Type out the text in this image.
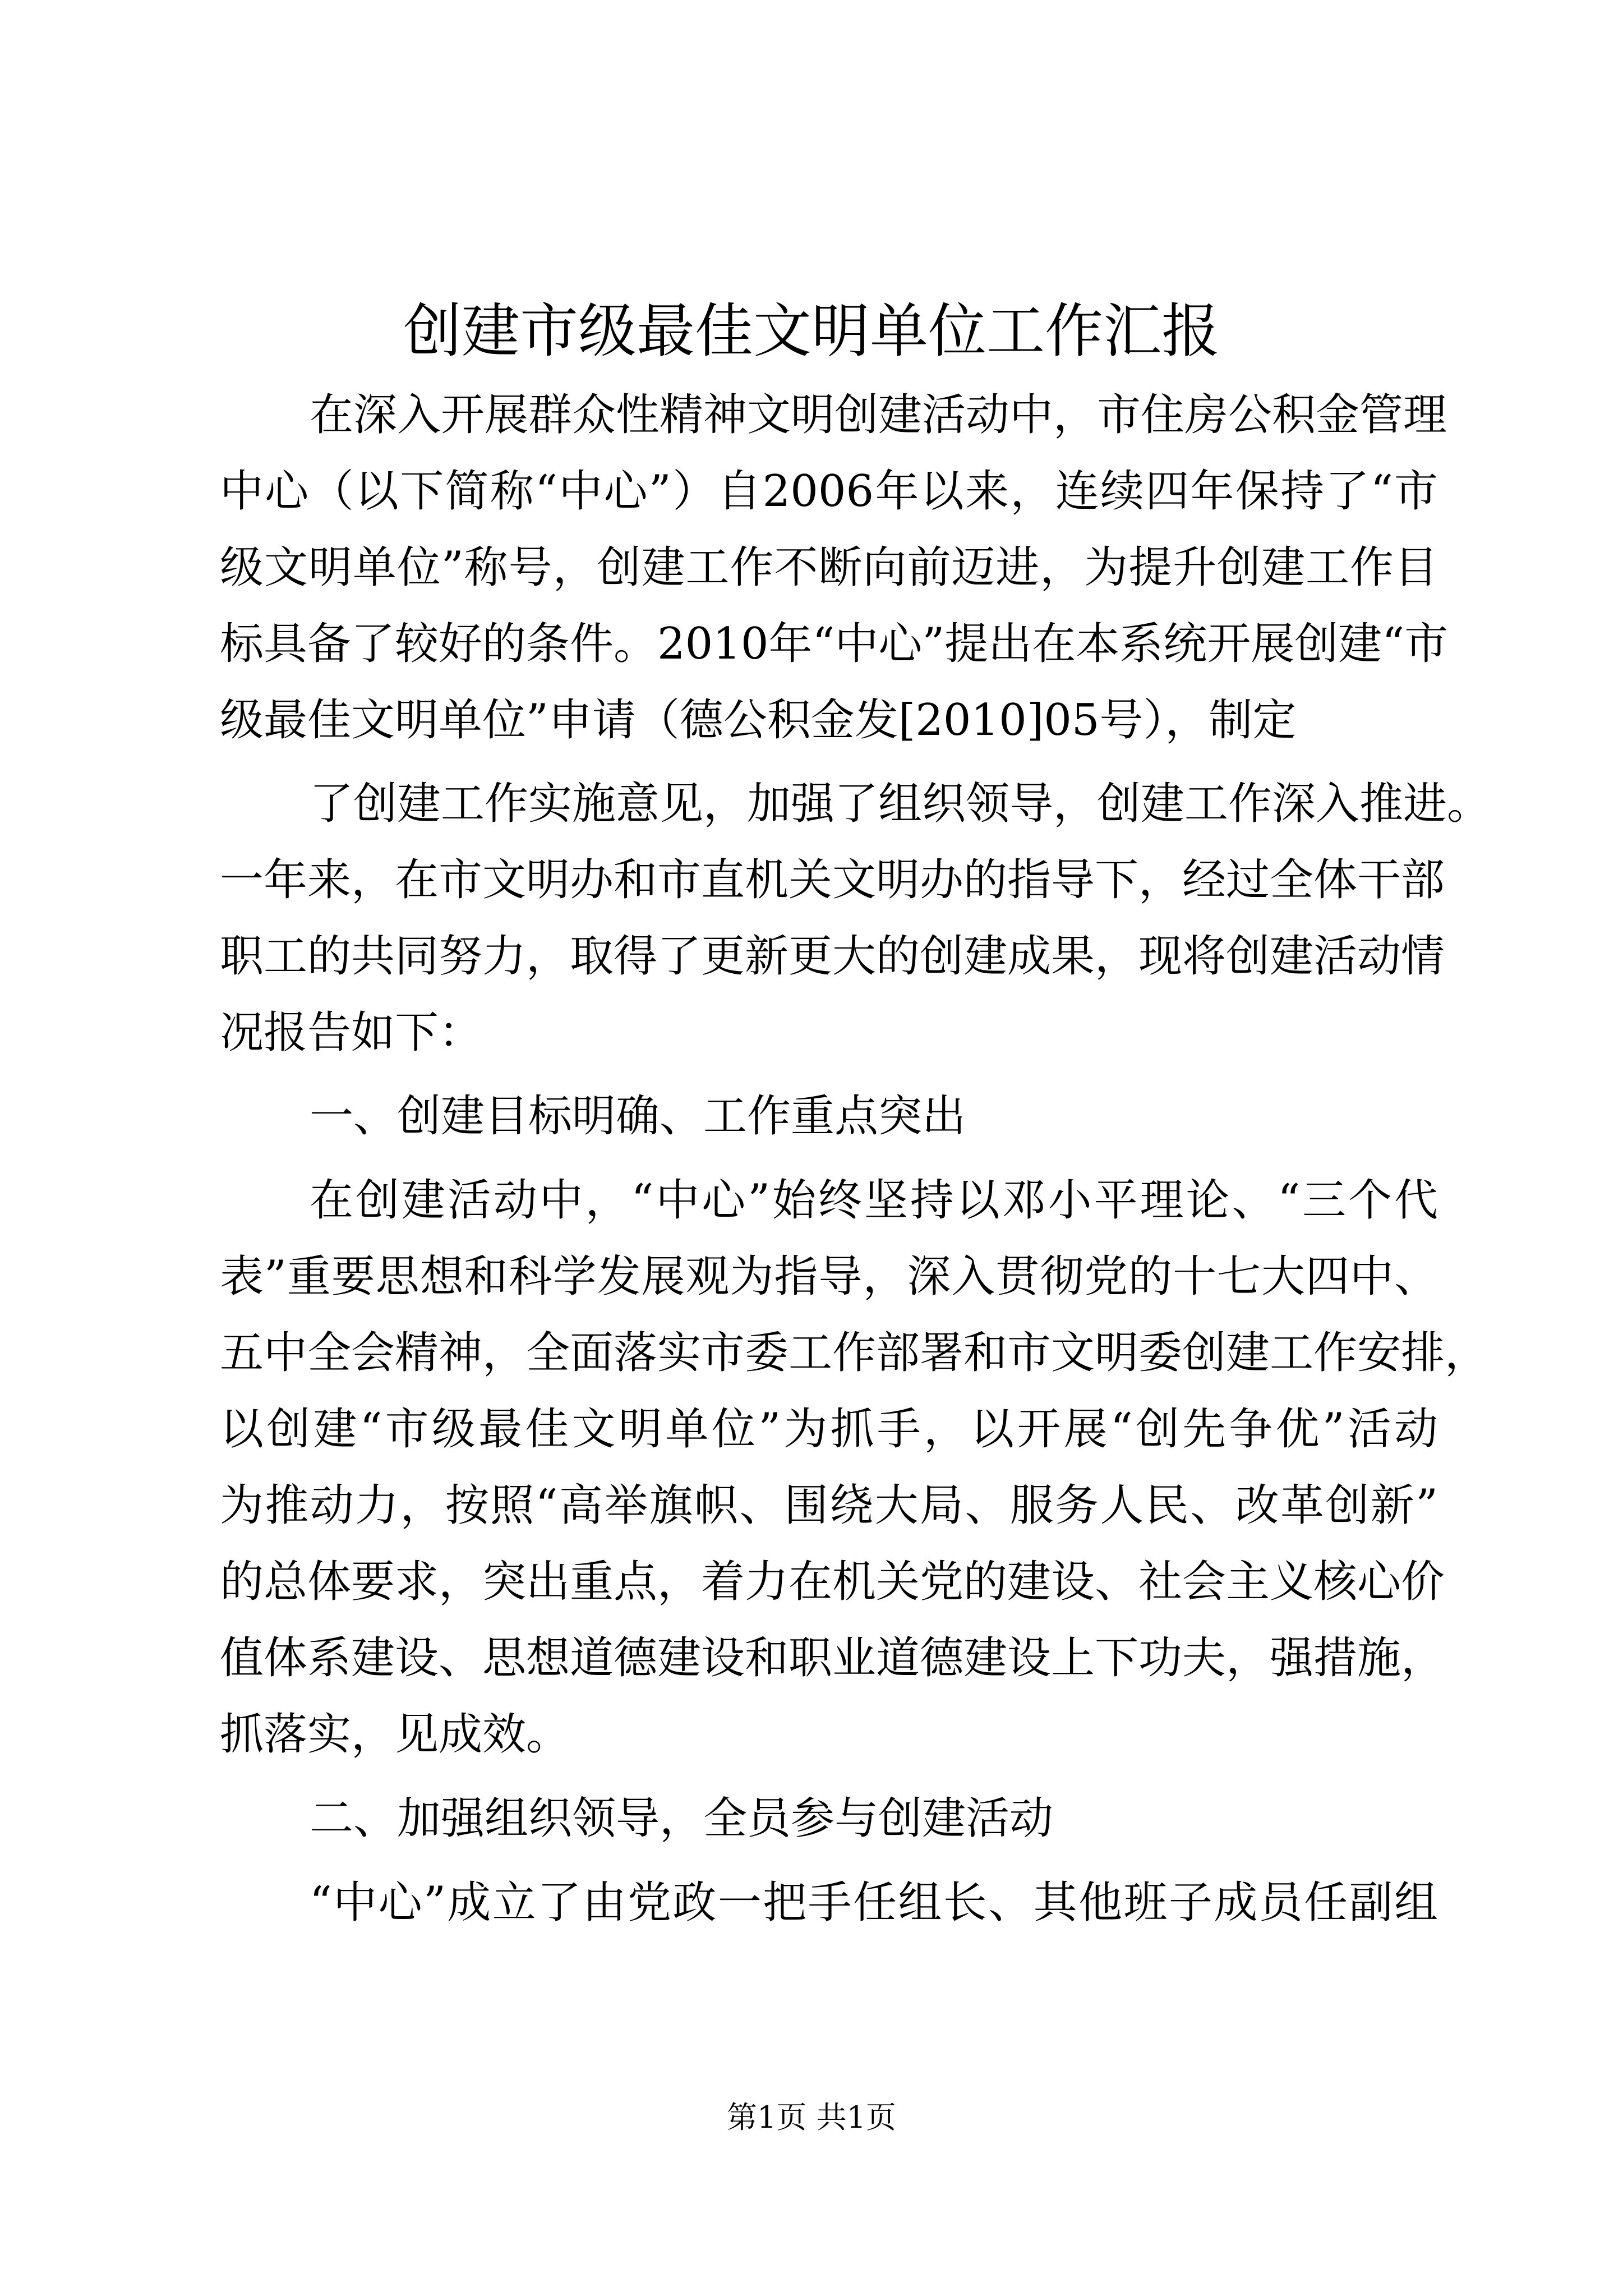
创建市级最佳文明单位工作汇报

在深入开展群众性精神文明创建活动中，市住房公积金管理

中心（以下简称“中心”）自2006年以来，连续四年保持了“市

级文明单位”称号，创建工作不断向前迈进，为提升创建工作目

标具备了较好的条件。2010年“中心”提出在本系统开展创建“市

级最佳文明单位”申请（德公积金发[2010]05号），制定

了创建工作实施意见，加强了组织领导，创建工作深入推进。

一年来，在市文明办和市直机关文明办的指导下，经过全体干部

职工的共同努力，取得了更新更大的创建成果，现将创建活动情

况报告如下：

一、创建目标明确、工作重点突出

在创建活动中，“中心”始终坚持以邓小平理论、“三个代

表”重要思想和科学发展观为指导，深入贯彻党的十七大四中、

五中全会精神，全面落实市委工作部署和市文明委创建工作安排，

以创建“市级最佳文明单位”为抓手，以开展“创先争优”活动

为推动力，按照“高举旗帜、围绕大局、服务人民、改革创新”

的总体要求，突出重点，着力在机关党的建设、社会主义核心价

值体系建设、思想道德建设和职业道德建设上下功夫，强措施，

抓落实，见成效。

二、加强组织领导，全员参与创建活动

“中心”成立了由党政一把手任组长、其他班子成员任副组

第1页 共1页
